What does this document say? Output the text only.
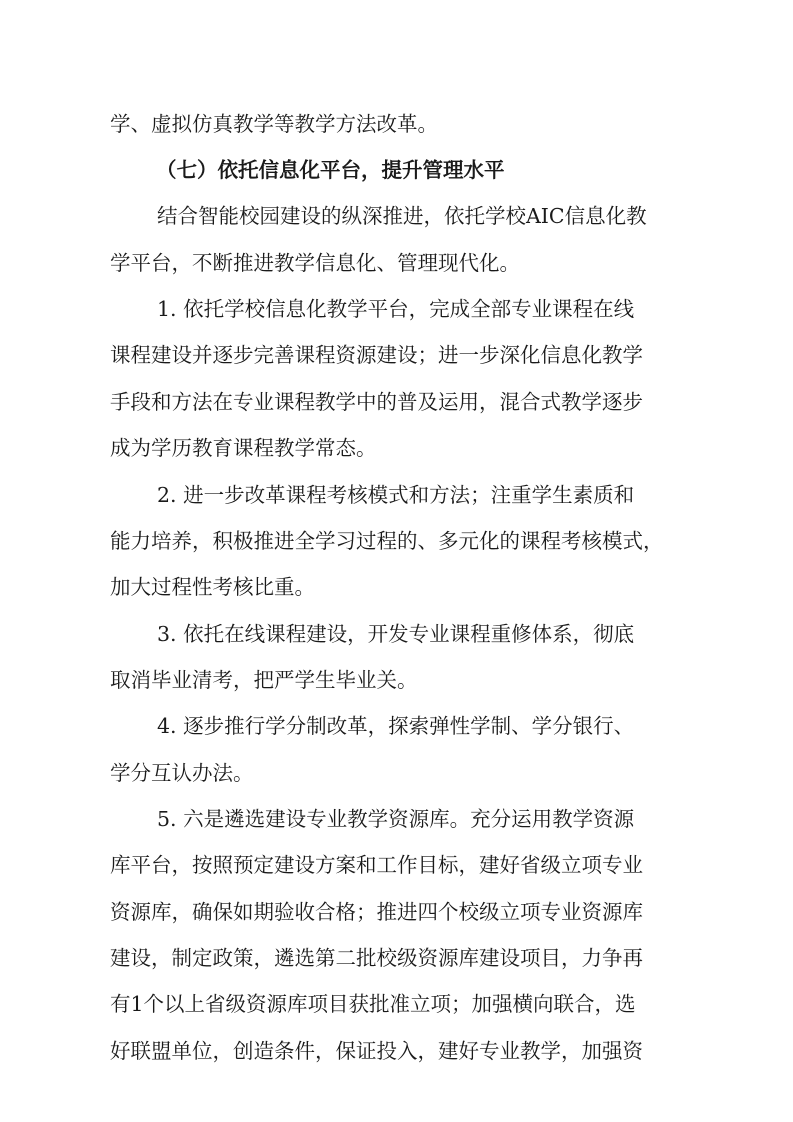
学、虚拟仿真教学等教学方法改革。
（七）依托信息化平台，提升管理水平
结合智能校园建设的纵深推进，依托学校AIC信息化教
学平台，不断推进教学信息化、管理现代化。
1. 依托学校信息化教学平台，完成全部专业课程在线
课程建设并逐步完善课程资源建设；进一步深化信息化教学
手段和方法在专业课程教学中的普及运用，混合式教学逐步
成为学历教育课程教学常态。
2. 进一步改革课程考核模式和方法；注重学生素质和
能力培养，积极推进全学习过程的、多元化的课程考核模式，
加大过程性考核比重。
3. 依托在线课程建设，开发专业课程重修体系，彻底
取消毕业清考，把严学生毕业关。
4. 逐步推行学分制改革，探索弹性学制、学分银行、
学分互认办法。
5. 六是遴选建设专业教学资源库。充分运用教学资源
库平台，按照预定建设方案和工作目标，建好省级立项专业
资源库，确保如期验收合格；推进四个校级立项专业资源库
建设，制定政策，遴选第二批校级资源库建设项目，力争再
有1个以上省级资源库项目获批准立项；加强横向联合，选
好联盟单位，创造条件，保证投入，建好专业教学，加强资
